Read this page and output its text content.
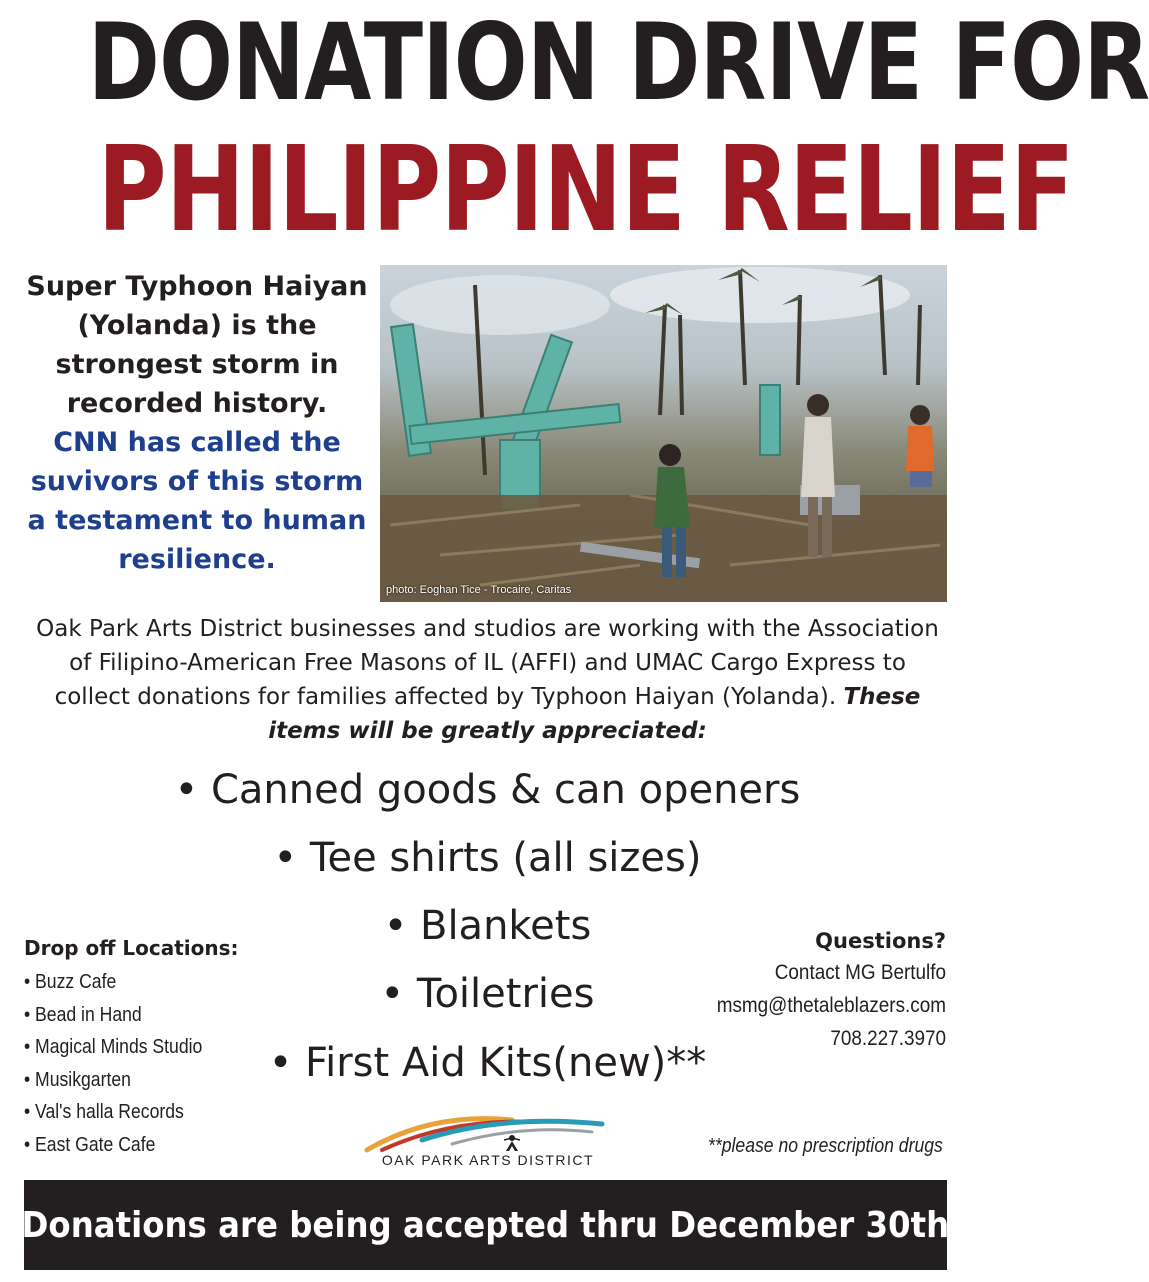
DONATION DRIVE FOR
PHILIPPINE RELIEF
Super Typhoon Haiyan (Yolanda) is the strongest storm in recorded history.
CNN has called the suvivors of this storm a testament to human resilience.
photo: Eoghan Tice - Trocaire, Caritas
Oak Park Arts District businesses and studios are working with the Association of Filipino-American Free Masons of IL (AFFI) and UMAC Cargo Express to collect donations for families affected by Typhoon Haiyan (Yolanda). These items will be greatly appreciated:
• Canned goods & can openers
• Tee shirts (all sizes)
• Blankets
• Toiletries
• First Aid Kits(new)**
Drop off Locations:
• Buzz Cafe
• Bead in Hand
• Magical Minds Studio
• Musikgarten
• Val's halla Records
• East Gate Cafe
Questions?
Contact MG Bertulfo
msmg@thetaleblazers.com
708.227.3970
OAK PARK ARTS DISTRICT
**please no prescription drugs
Donations are being accepted thru December 30th
